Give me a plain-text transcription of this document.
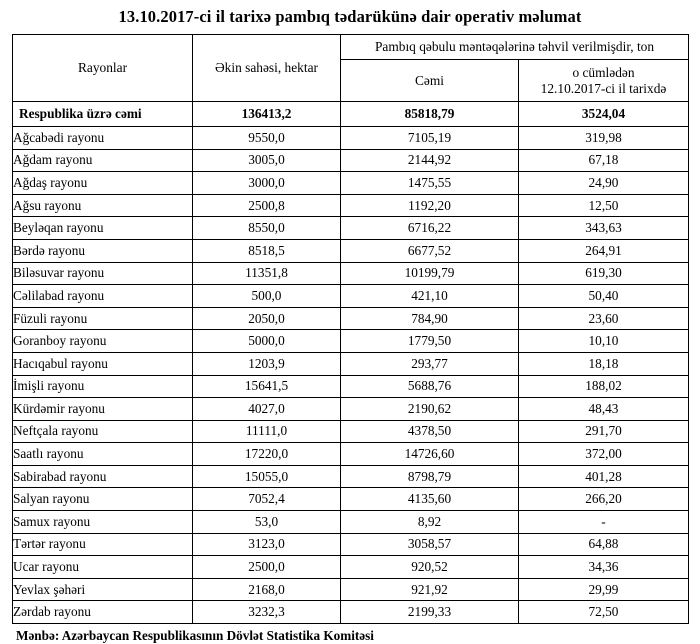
13.10.2017-ci il tarixə pambıq tədarükünə dair operativ məlumat
Rayonlar	Əkin sahəsi, hektar	Pambıq qəbulu məntəqələrinə təhvil verilmişdir, ton	
		Cəmi	o cümlədən
12.10.2017-ci il tarixdə

Respublika üzrə cəmi	136413,2	85818,79	3524,04
Ağcabədi rayonu	9550,0	7105,19	319,98
Ağdam rayonu	3005,0	2144,92	67,18
Ağdaş rayonu	3000,0	1475,55	24,90
Ağsu rayonu	2500,8	1192,20	12,50
Beyləqan rayonu	8550,0	6716,22	343,63
Bərdə rayonu	8518,5	6677,52	264,91
Biləsuvar rayonu	11351,8	10199,79	619,30
Cəlilabad rayonu	500,0	421,10	50,40
Füzuli rayonu	2050,0	784,90	23,60
Goranboy rayonu	5000,0	1779,50	10,10
Hacıqabul rayonu	1203,9	293,77	18,18
İmişli rayonu	15641,5	5688,76	188,02
Kürdəmir rayonu	4027,0	2190,62	48,43
Neftçala rayonu	11111,0	4378,50	291,70
Saatlı rayonu	17220,0	14726,60	372,00
Sabirabad rayonu	15055,0	8798,79	401,28
Salyan rayonu	7052,4	4135,60	266,20
Samux rayonu	53,0	8,92	-
Tərtər rayonu	3123,0	3058,57	64,88
Ucar rayonu	2500,0	920,52	34,36
Yevlax şəhəri	2168,0	921,92	29,99
Zərdab rayonu	3232,3	2199,33	72,50
Mənbə: Azərbaycan Respublikasının Dövlət Statistika Komitəsi
